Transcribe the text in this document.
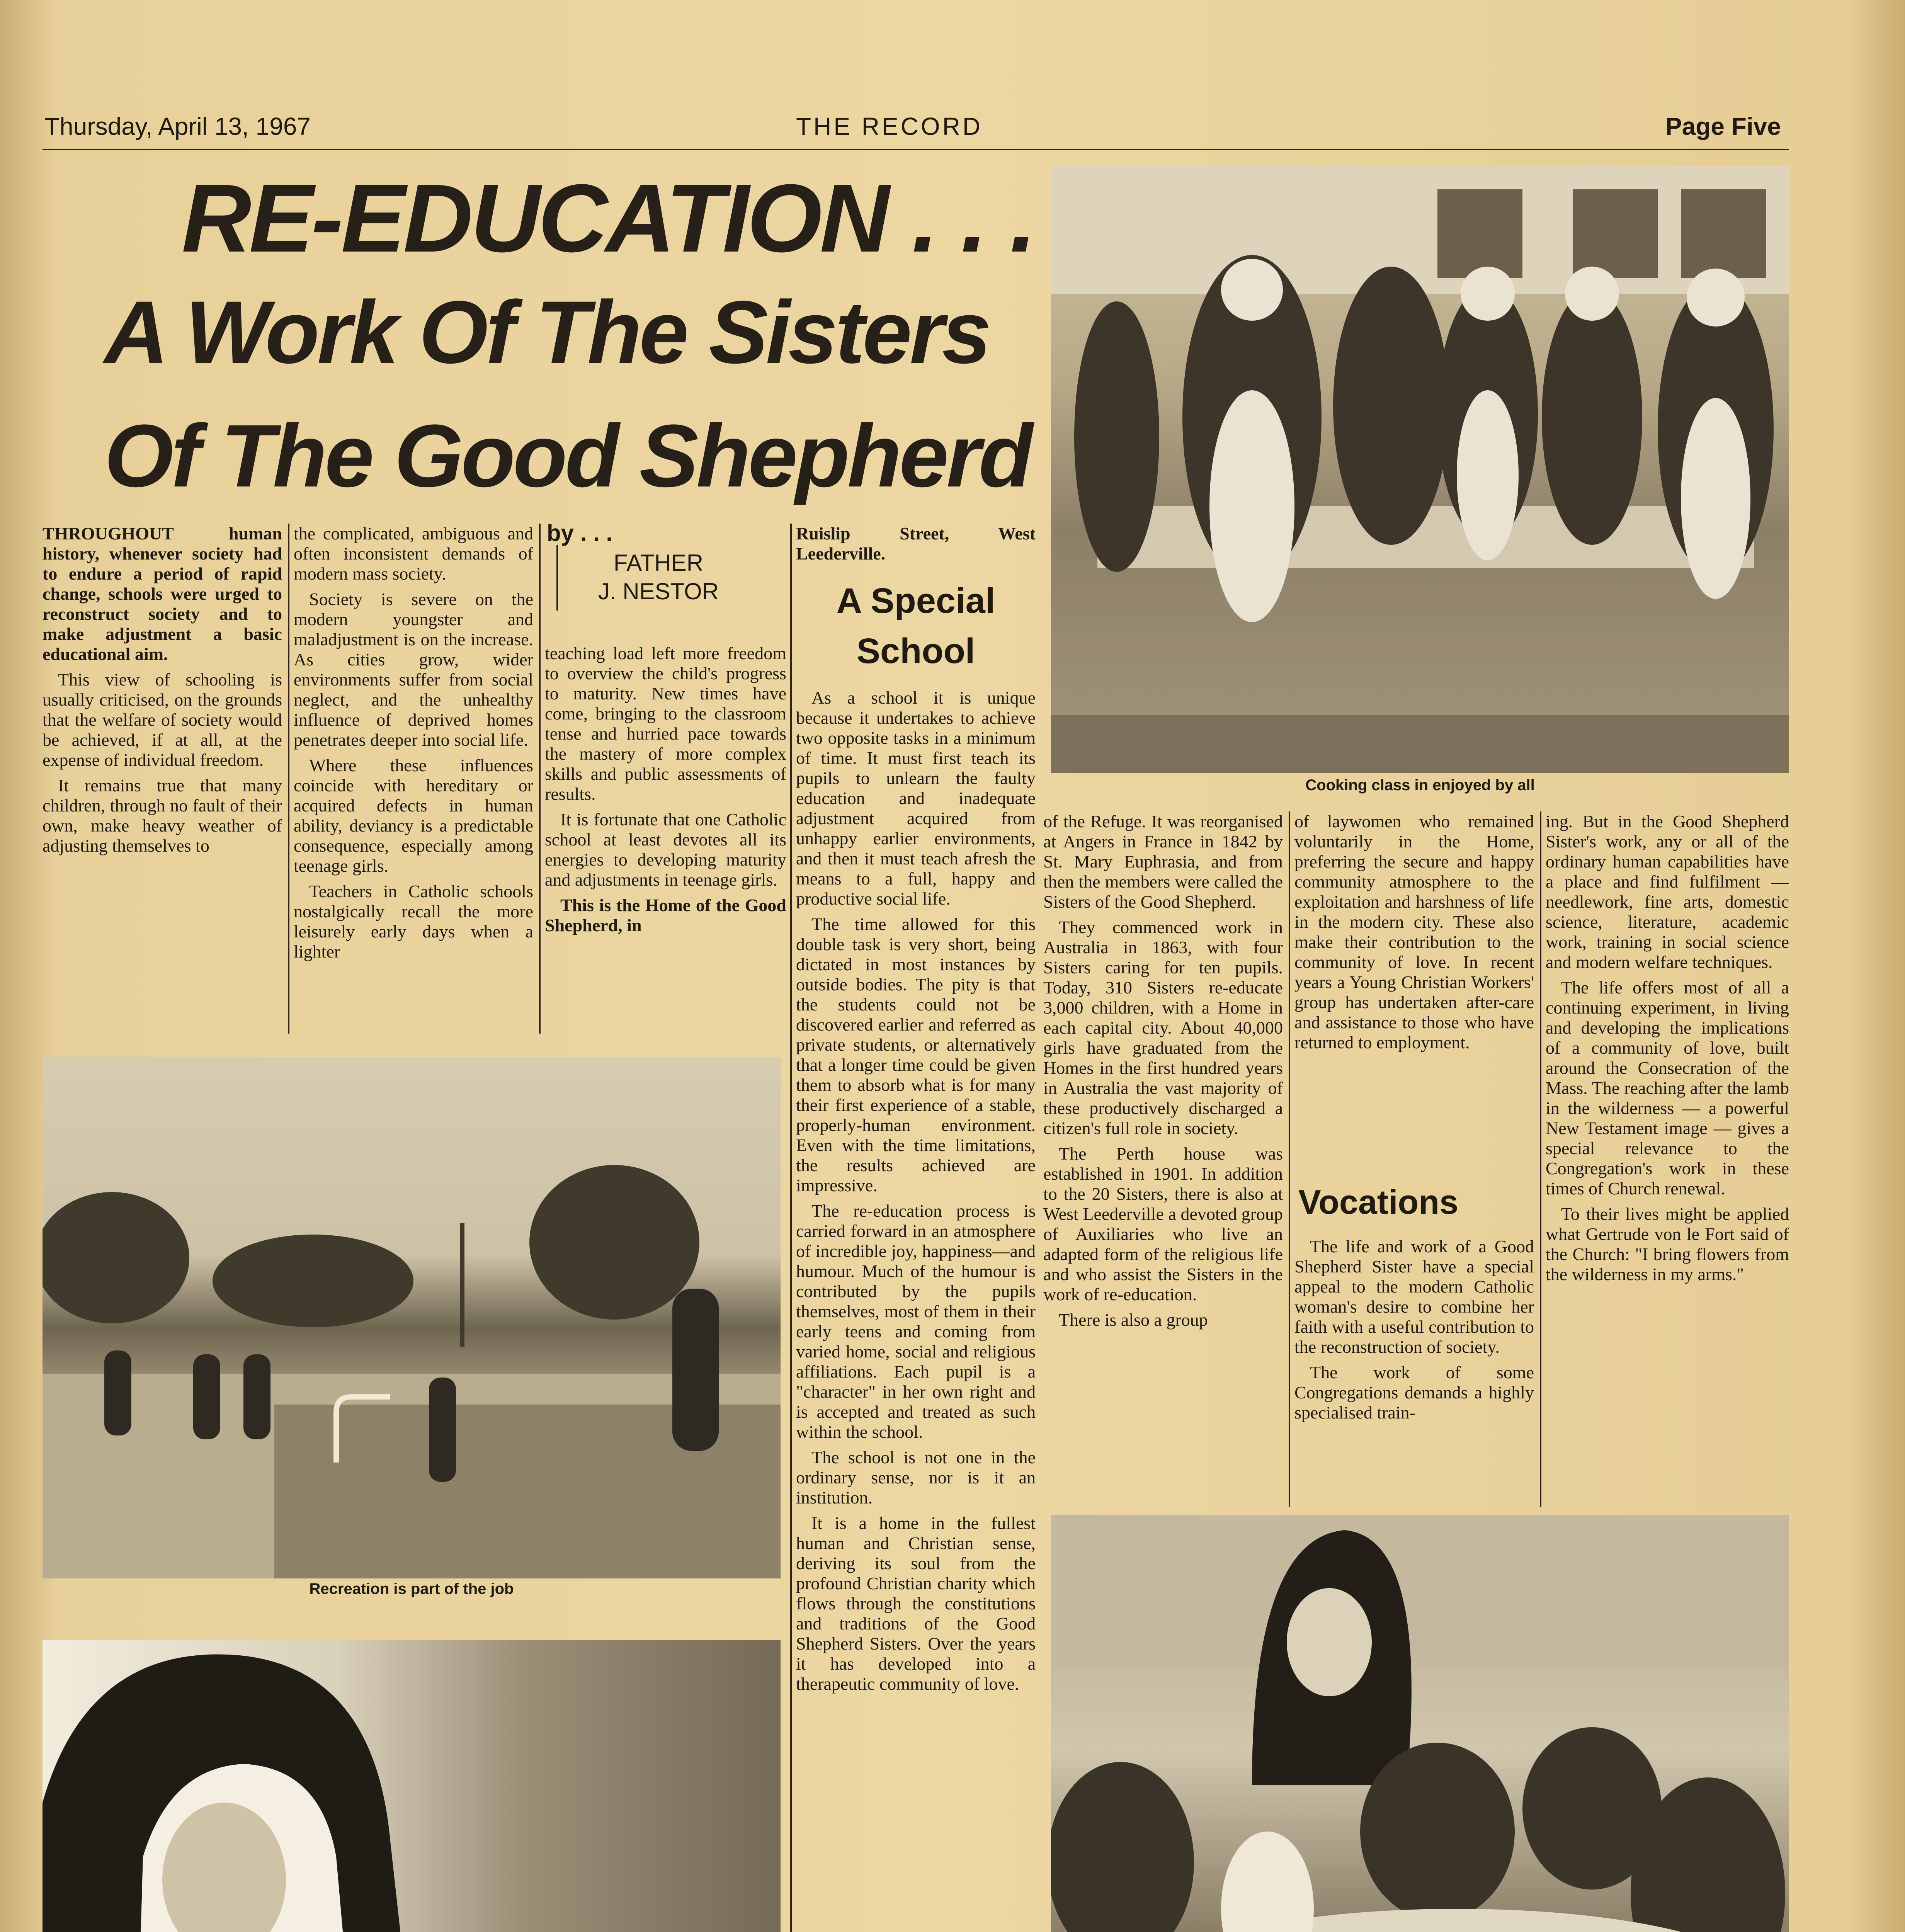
Thursday, April 13, 1967	THE RECORD	Page Five
RE-EDUCATION . . .
A Work Of The Sisters
Of The Good Shepherd
by . . .
FATHER
J. NESTOR

THROUGHOUT human history, whenever society had to endure a period of rapid change, schools were urged to reconstruct society and to make adjustment a basic educational aim.

This view of schooling is usually criticised, on the grounds that the welfare of society would be achieved, if at all, at the expense of individual freedom.

It remains true that many children, through no fault of their own, make heavy weather of adjusting themselves to

the complicated, ambiguous and often inconsistent demands of modern mass society.

Society is severe on the modern youngster and maladjustment is on the increase. As cities grow, wider environments suffer from social neglect, and the unhealthy influence of deprived homes penetrates deeper into social life.

Where these influences coincide with hereditary or acquired defects in human ability, deviancy is a predictable consequence, especially among teenage girls.

Teachers in Catholic schools nostalgically recall the more leisurely early days when a lighter

teaching load left more freedom to overview the child's progress to maturity. New times have come, bringing to the classroom tense and hurried pace towards the mastery of more complex skills and public assessments of results.

It is fortunate that one Catholic school at least devotes all its energies to developing maturity and adjustments in teenage girls.

This is the Home of the Good Shepherd, in

Ruislip Street, West Leederville.

A Special
School

As a school it is unique because it undertakes to achieve two opposite tasks in a minimum of time. It must first teach its pupils to unlearn the faulty education and inadequate adjustment acquired from unhappy earlier environments, and then it must teach afresh the means to a full, happy and productive social life.

The time allowed for this double task is very short, being dictated in most instances by outside bodies. The pity is that the students could not be discovered earlier and referred as private students, or alternatively that a longer time could be given them to absorb what is for many their first experience of a stable, properly-human environment. Even with the time limitations, the results achieved are impressive.

The re-education process is carried forward in an atmosphere of incredible joy, happiness—and humour. Much of the humour is contributed by the pupils themselves, most of them in their early teens and coming from varied home, social and religious affiliations. Each pupil is a "character" in her own right and is accepted and treated as such within the school.

The school is not one in the ordinary sense, nor is it an institution.

It is a home in the fullest human and Christian sense, deriving its soul from the profound Christian charity which flows through the constitutions and traditions of the Good Shepherd Sisters. Over the years it has developed into a therapeutic community of love.

Cooking class in enjoyed by all

of the Refuge. It was reorganised at Angers in France in 1842 by St. Mary Euphrasia, and from then the members were called the Sisters of the Good Shepherd.

They commenced work in Australia in 1863, with four Sisters caring for ten pupils. Today, 310 Sisters re-educate 3,000 children, with a Home in each capital city. About 40,000 girls have graduated from the Homes in the first hundred years in Australia the vast majority of these productively discharged a citizen's full role in society.

The Perth house was established in 1901. In addition to the 20 Sisters, there is also at West Leederville a devoted group of Auxiliaries who live an adapted form of the religious life and who assist the Sisters in the work of re-education.

There is also a group

of laywomen who remained voluntarily in the Home, preferring the secure and happy community atmosphere to the exploitation and harshness of life in the modern city. These also make their contribution to the community of love. In recent years a Young Christian Workers' group has undertaken after-care and assistance to those who have returned to employment.

Vocations

The life and work of a Good Shepherd Sister have a special appeal to the modern Catholic woman's desire to combine her faith with a useful contribution to the reconstruction of society.

The work of some Congregations demands a highly specialised train-

ing. But in the Good Shepherd Sister's work, any or all of the ordinary human capabilities have a place and find fulfilment — needlework, fine arts, domestic science, literature, academic work, training in social science and modern welfare techniques.

The life offers most of all a continuing experiment, in living and developing the implications of a community of love, built around the Consecration of the Mass. The reaching after the lamb in the wilderness — a powerful New Testament image — gives a special relevance to the Congregation's work in these times of Church renewal.

To their lives might be applied what Gertrude von le Fort said of the Church: "I bring flowers from the wilderness in my arms."

Recreation is part of the job
